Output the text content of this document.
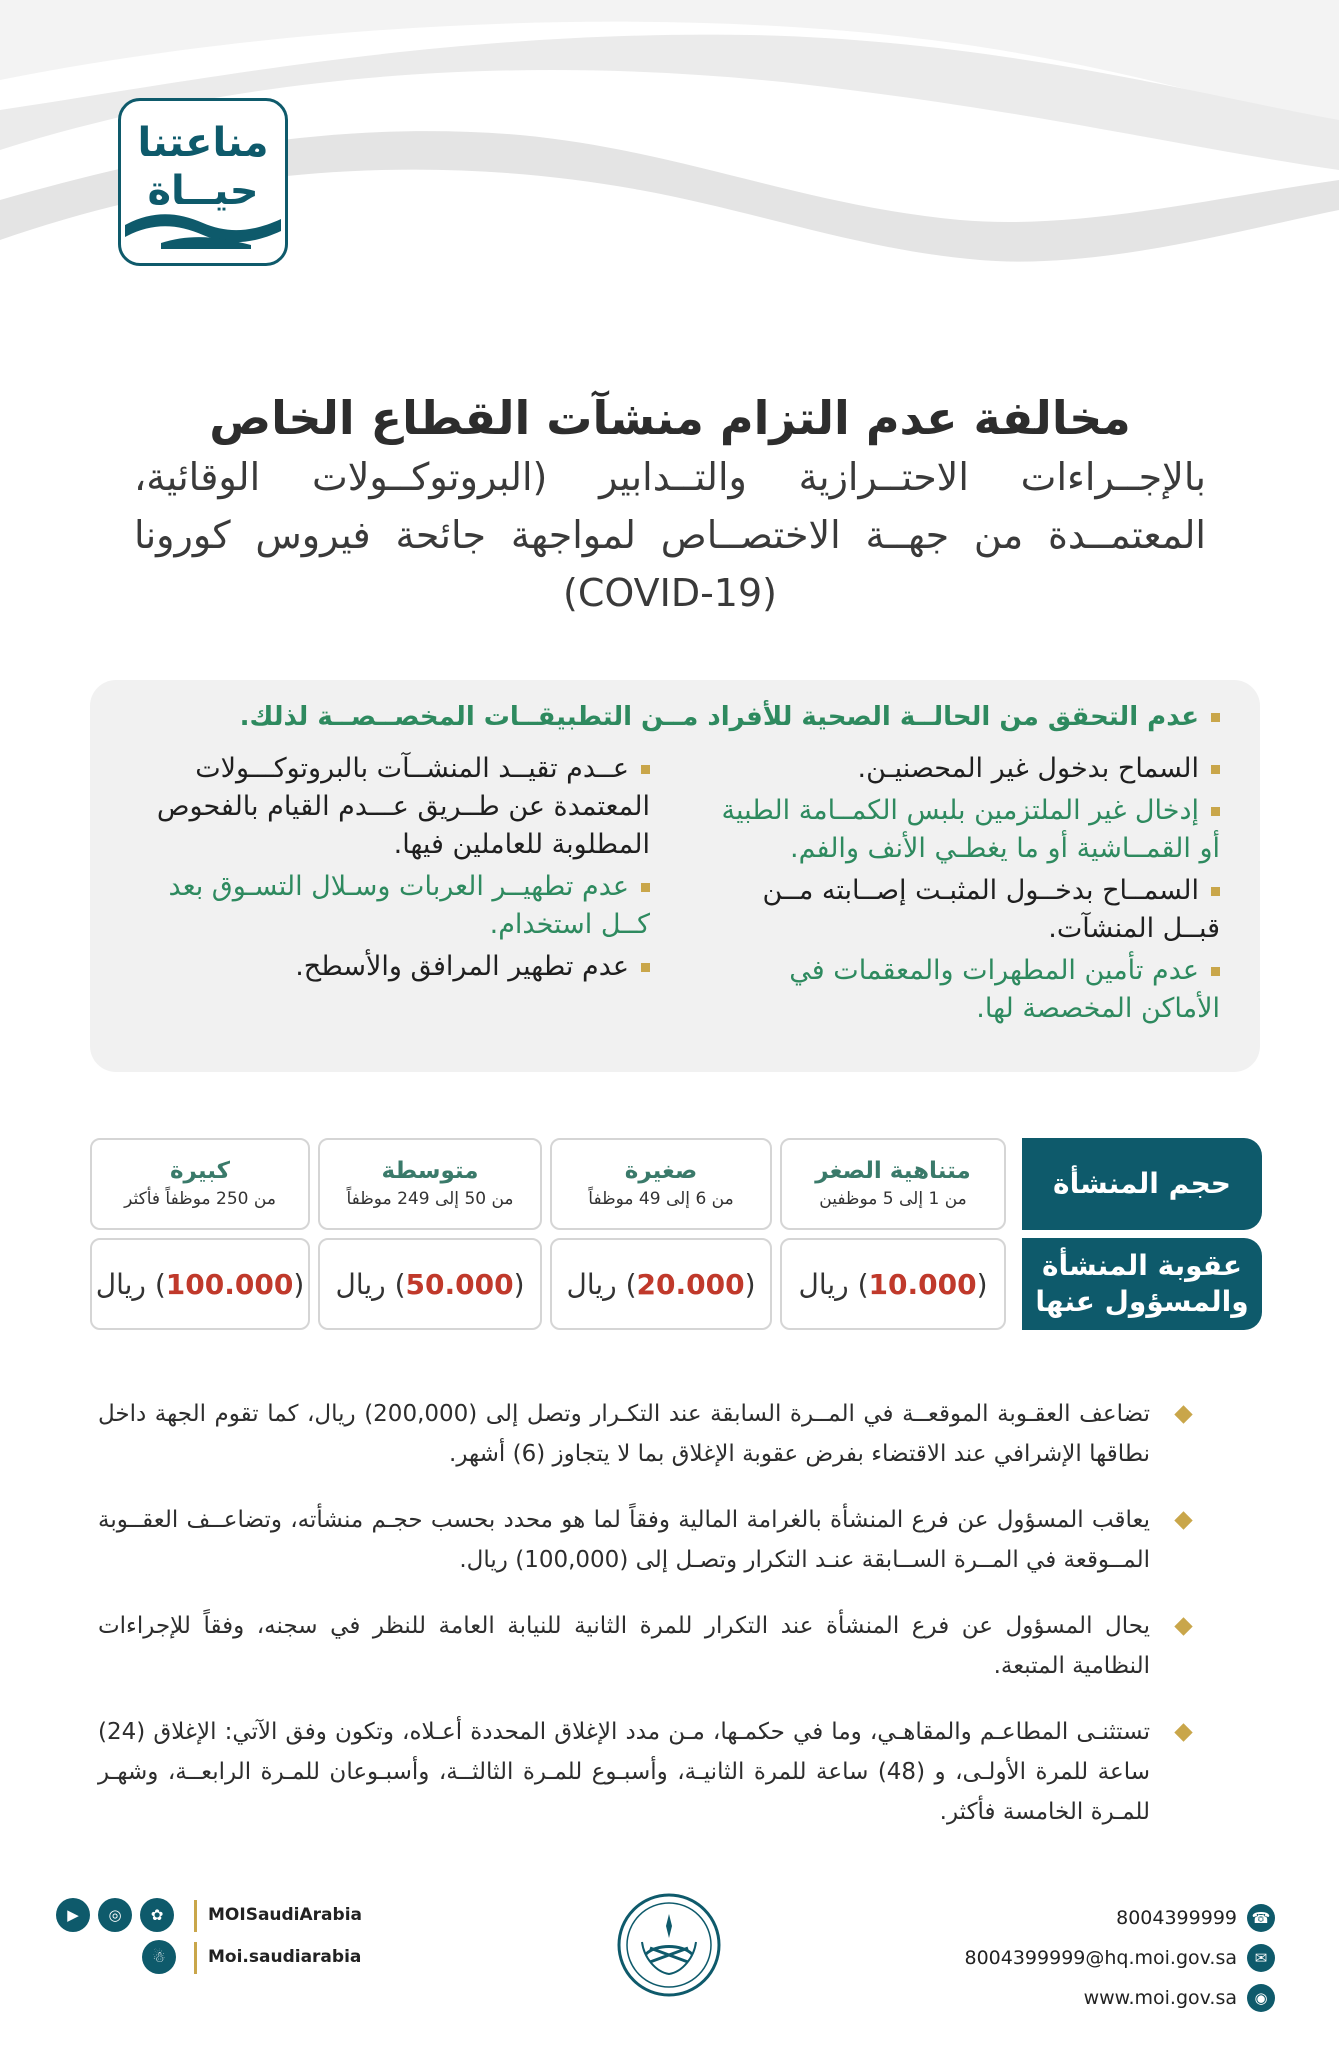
مناعتنا
حيــاة
مخالفة عدم التزام منشآت القطاع الخاص
بالإجــراءات الاحتــرازية والتــدابير (البروتوكــولات الوقائية، المعتمــدة من جهــة الاختصــاص لمواجهة جائحة فيروس كورونا (COVID-19)
عدم التحقق من الحالــة الصحية للأفراد مــن التطبيقــات المخصــصــة لذلك.
السماح بدخول غير المحصنيـن.
إدخال غير الملتزمين بلبس الكمــامة الطبية أو القمــاشية أو ما يغطـي الأنف والفم.
السمــاح بدخــول المثبـت إصــابته مــن قبــل المنشآت.
عدم تأمين المطهرات والمعقمات في الأماكن المخصصة لها.
عــدم تقيــد المنشــآت بالبروتوكـــولات المعتمدة عن طــريق عـــدم القيام بالفحوص المطلوبة للعاملين فيها.
عدم تطهيــر العربات وسـلال التسـوق بعد كــل استخدام.
عدم تطهير المرافق والأسطح.
حجم المنشأة
عقوبة المنشأة والمسؤول عنها
متناهية الصغر
من 1 إلى 5 موظفين
صغيرة
من 6 إلى 49 موظفاً
متوسطة
من 50 إلى 249 موظفاً
كبيرة
من 250 موظفاً فأكثر
(10.000) ريال
(20.000) ريال
(50.000) ريال
(100.000) ريال
تضاعف العقـوبة الموقعــة في المــرة السابقة عند التكـرار وتصل إلى (200,000) ريال، كما تقوم الجهة داخل نطاقها الإشرافي عند الاقتضاء بفرض عقوبة الإغلاق بما لا يتجاوز (6) أشهر.
يعاقب المسؤول عن فرع المنشأة بالغرامة المالية وفقاً لما هو محدد بحسب حجـم منشأته، وتضاعــف العقــوبة المــوقعة في المــرة الســابقة عنـد التكرار وتصـل إلى (100,000) ريال.
يحال المسؤول عن فرع المنشأة عند التكرار للمرة الثانية للنيابة العامة للنظر في سجنه، وفقاً للإجراءات النظامية المتبعة.
تستثنـى المطاعـم والمقاهـي، وما في حكمـها، مـن مدد الإغلاق المحددة أعـلاه، وتكون وفق الآتي: الإغلاق (24) ساعة للمرة الأولـى، و (48) ساعة للمرة الثانيـة، وأسبـوع للمـرة الثالثــة، وأسبـوعان للمـرة الرابعــة، وشهـر للمـرة الخامسة فأكثر.
☎
8004399999
✉
8004399999@hq.moi.gov.sa
◉
www.moi.gov.sa
✿
◎
▶
☃
MOISaudiArabia
Moi.saudiarabia
